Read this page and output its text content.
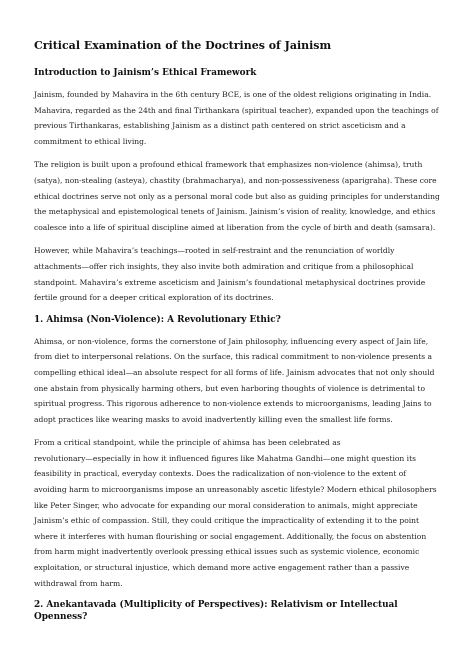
Critical Examination of the Doctrines of Jainism
Introduction to Jainism’s Ethical Framework

Jainism, founded by Mahavira in the 6th century BCE, is one of the oldest religions originating in India.
Mahavira, regarded as the 24th and final Tirthankara (spiritual teacher), expanded upon the teachings of
previous Tirthankaras, establishing Jainism as a distinct path centered on strict asceticism and a
commitment to ethical living.

The religion is built upon a profound ethical framework that emphasizes non-violence (ahimsa), truth
(satya), non-stealing (asteya), chastity (brahmacharya), and non-possessiveness (aparigraha). These core
ethical doctrines serve not only as a personal moral code but also as guiding principles for understanding
the metaphysical and epistemological tenets of Jainism. Jainism’s vision of reality, knowledge, and ethics
coalesce into a life of spiritual discipline aimed at liberation from the cycle of birth and death (samsara).

However, while Mahavira’s teachings—rooted in self-restraint and the renunciation of worldly
attachments—offer rich insights, they also invite both admiration and critique from a philosophical
standpoint. Mahavira’s extreme asceticism and Jainism’s foundational metaphysical doctrines provide
fertile ground for a deeper critical exploration of its doctrines.

1. Ahimsa (Non-Violence): A Revolutionary Ethic?

Ahimsa, or non-violence, forms the cornerstone of Jain philosophy, influencing every aspect of Jain life,
from diet to interpersonal relations. On the surface, this radical commitment to non-violence presents a
compelling ethical ideal—an absolute respect for all forms of life. Jainism advocates that not only should
one abstain from physically harming others, but even harboring thoughts of violence is detrimental to
spiritual progress. This rigorous adherence to non-violence extends to microorganisms, leading Jains to
adopt practices like wearing masks to avoid inadvertently killing even the smallest life forms.

From a critical standpoint, while the principle of ahimsa has been celebrated as
revolutionary—especially in how it influenced figures like Mahatma Gandhi—one might question its
feasibility in practical, everyday contexts. Does the radicalization of non-violence to the extent of
avoiding harm to microorganisms impose an unreasonably ascetic lifestyle? Modern ethical philosophers
like Peter Singer, who advocate for expanding our moral consideration to animals, might appreciate
Jainism’s ethic of compassion. Still, they could critique the impracticality of extending it to the point
where it interferes with human flourishing or social engagement. Additionally, the focus on abstention
from harm might inadvertently overlook pressing ethical issues such as systemic violence, economic
exploitation, or structural injustice, which demand more active engagement rather than a passive
withdrawal from harm.

2. Anekantavada (Multiplicity of Perspectives): Relativism or Intellectual Openness?
